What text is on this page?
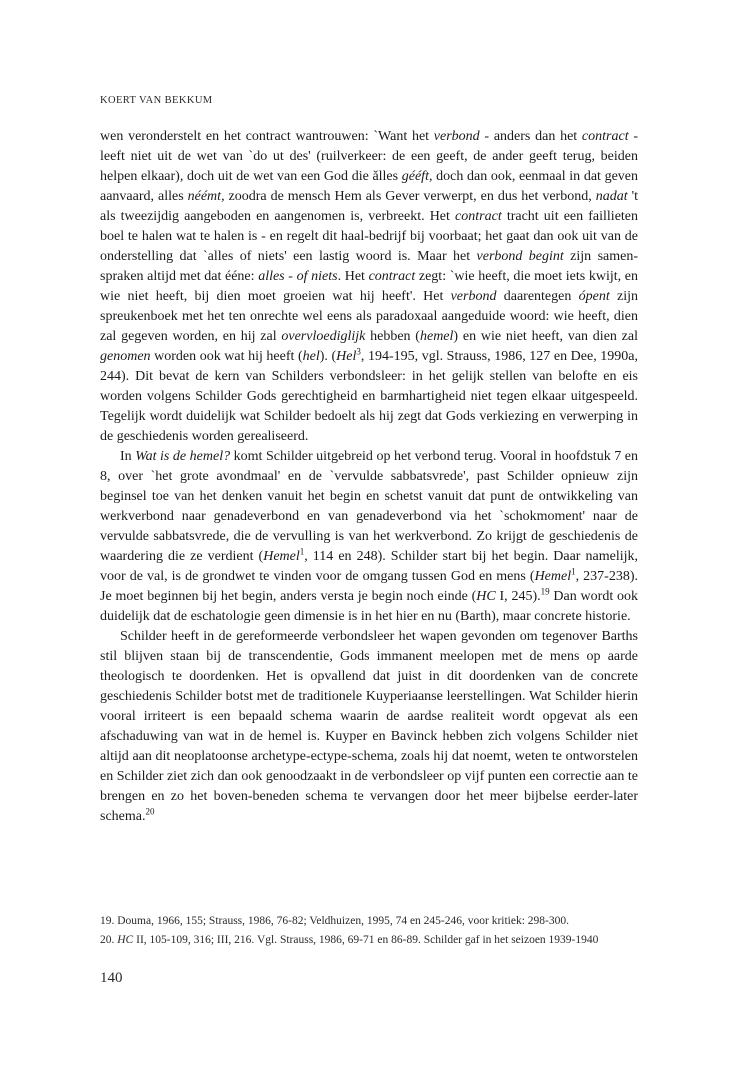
KOERT VAN BEKKUM

wen veronderstelt en het contract wantrouwen: `Want het verbond - anders dan het contract - leeft niet uit de wet van `do ut des' (ruilverkeer: de een geeft, de ander geeft terug, beiden helpen elkaar), doch uit de wet van een God die ălles gééft, doch dan ook, eenmaal in dat geven aanvaard, alles néémt, zoodra de mensch Hem als Gever verwerpt, en dus het verbond, nadat 't als tweezijdig aangeboden en aangenomen is, verbreekt. Het contract tracht uit een faillieten boel te halen wat te halen is - en regelt dit haal-bedrijf bij voorbaat; het gaat dan ook uit van de onderstelling dat `alles of niets' een lastig woord is. Maar het verbond begint zijn samen-spraken altijd met dat ééne: alles - of niets. Het contract zegt: `wie heeft, die moet iets kwijt, en wie niet heeft, bij dien moet groeien wat hij heeft'. Het verbond daarentegen ópent zijn spreukenboek met het ten onrechte wel eens als paradoxaal aangeduide woord: wie heeft, dien zal gegeven worden, en hij zal overvloediglijk hebben (hemel) en wie niet heeft, van dien zal genomen worden ook wat hij heeft (hel). (Hel$^3$, 194-195, vgl. Strauss, 1986, 127 en Dee, 1990a, 244). Dit bevat de kern van Schilders verbondsleer: in het gelijk stellen van belofte en eis worden volgens Schilder Gods gerechtigheid en barmhartigheid niet tegen elkaar uitgespeeld. Tegelijk wordt duidelijk wat Schilder bedoelt als hij zegt dat Gods verkiezing en verwerping in de geschiedenis worden gerealiseerd.

In Wat is de hemel? komt Schilder uitgebreid op het verbond terug. Vooral in hoofdstuk 7 en 8, over `het grote avondmaal' en de `vervulde sabbatsvrede', past Schilder opnieuw zijn beginsel toe van het denken vanuit het begin en schetst vanuit dat punt de ontwikkeling van werkverbond naar genadeverbond en van genadeverbond via het `schokmoment' naar de vervulde sabbatsvrede, die de vervulling is van het werkverbond. Zo krijgt de geschiedenis de waardering die ze verdient (Hemel$^1$, 114 en 248). Schilder start bij het begin. Daar namelijk, voor de val, is de grondwet te vinden voor de omgang tussen God en mens (Hemel$^1$, 237-238). Je moet beginnen bij het begin, anders versta je begin noch einde (HC I, 245).$^{19}$ Dan wordt ook duidelijk dat de eschatologie geen dimensie is in het hier en nu (Barth), maar concrete historie.

Schilder heeft in de gereformeerde verbondsleer het wapen gevonden om tegenover Barths stil blijven staan bij de transcendentie, Gods immanent meelopen met de mens op aarde theologisch te doordenken. Het is opvallend dat juist in dit doordenken van de concrete geschiedenis Schilder botst met de traditionele Kuyperiaanse leerstellingen. Wat Schilder hierin vooral irriteert is een bepaald schema waarin de aardse realiteit wordt opgevat als een afschaduwing van wat in de hemel is. Kuyper en Bavinck hebben zich volgens Schilder niet altijd aan dit neoplatoonse archetype-ectype-schema, zoals hij dat noemt, weten te ontworstelen en Schilder ziet zich dan ook genoodzaakt in de verbondsleer op vijf punten een correctie aan te brengen en zo het boven-beneden schema te vervangen door het meer bijbelse eerder-later schema.$^{20}$

19. Douma, 1966, 155; Strauss, 1986, 76-82; Veldhuizen, 1995, 74 en 245-246, voor kritiek: 298-300.
20. HC II, 105-109, 316; III, 216. Vgl. Strauss, 1986, 69-71 en 86-89. Schilder gaf in het seizoen 1939-1940
140
